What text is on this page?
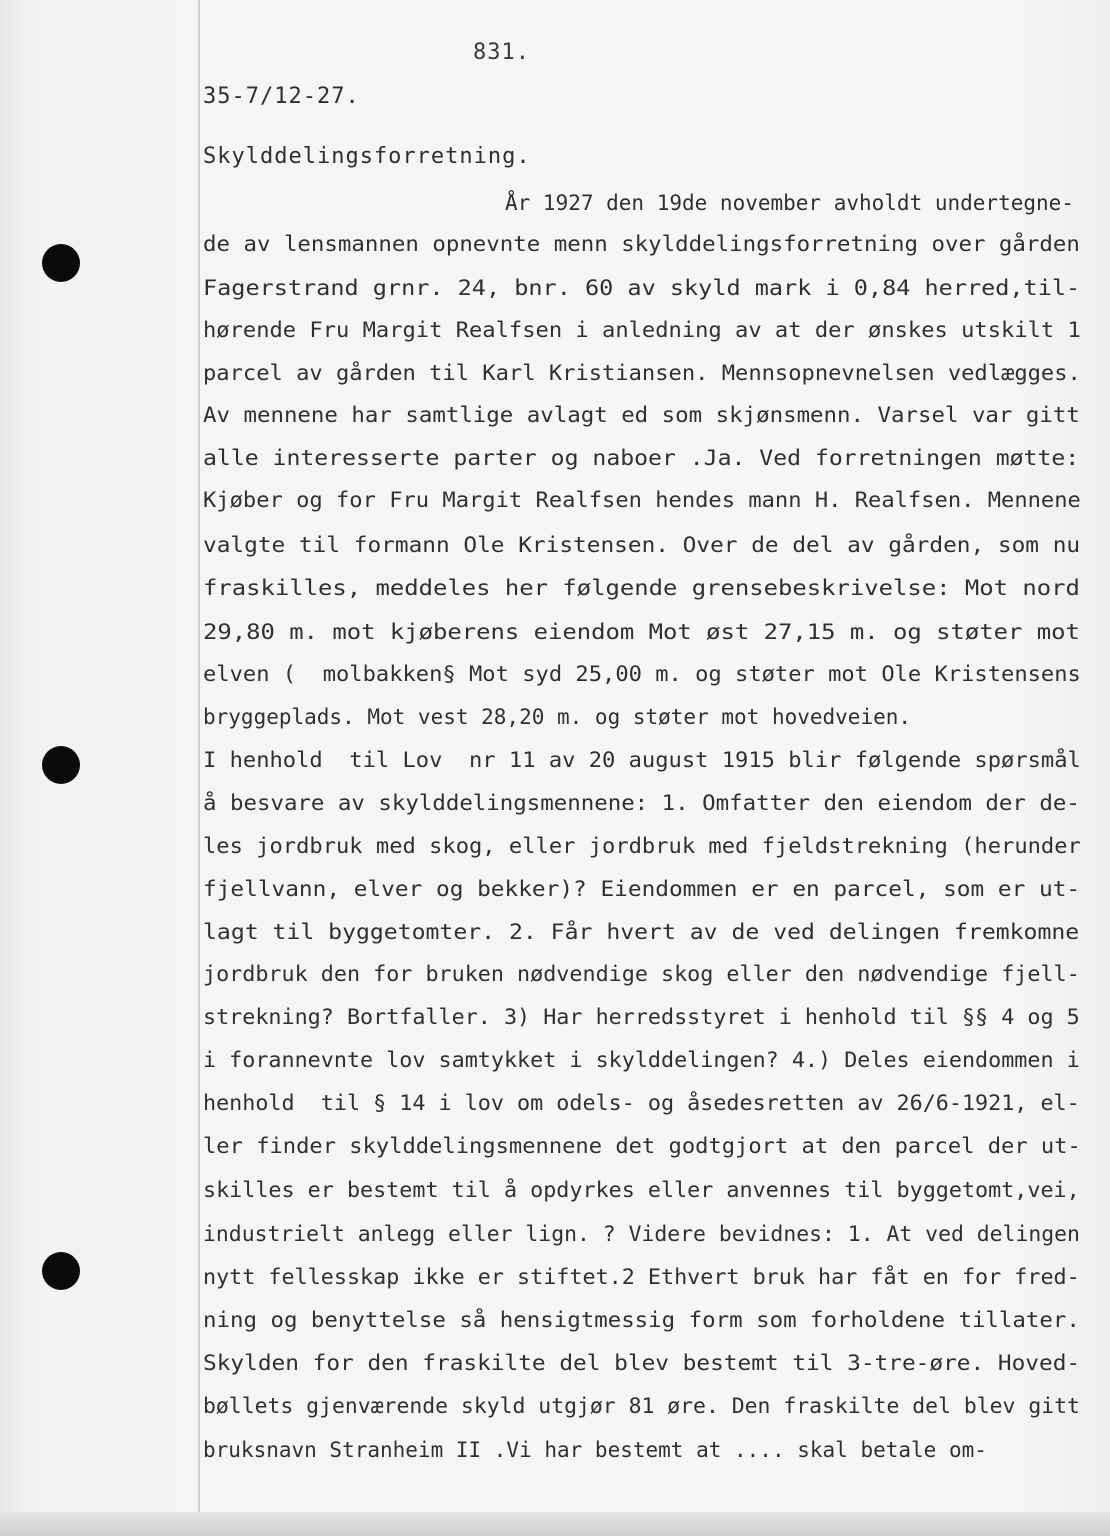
831.
35-7/12-27.
Skylddelingsforretning.
År 1927 den 19de november avholdt undertegne-
de av lensmannen opnevnte menn skylddelingsforretning over gården
Fagerstrand grnr. 24, bnr. 60 av skyld mark i 0,84 herred,til-
hørende Fru Margit Realfsen i anledning av at der ønskes utskilt 1
parcel av gården til Karl Kristiansen. Mennsopnevnelsen vedlægges.
Av mennene har samtlige avlagt ed som skjønsmenn. Varsel var gitt
alle interesserte parter og naboer .Ja. Ved forretningen møtte:
Kjøber og for Fru Margit Realfsen hendes mann H. Realfsen. Mennene
valgte til formann Ole Kristensen. Over de del av gården, som nu
fraskilles, meddeles her følgende grensebeskrivelse: Mot nord
29,80 m. mot kjøberens eiendom Mot øst 27,15 m. og støter mot
elven (  molbakken§ Mot syd 25,00 m. og støter mot Ole Kristensens
bryggeplads. Mot vest 28,20 m. og støter mot hovedveien.
I henhold  til Lov  nr 11 av 20 august 1915 blir følgende spørsmål
å besvare av skylddelingsmennene: 1. Omfatter den eiendom der de-
les jordbruk med skog, eller jordbruk med fjeldstrekning (herunder
fjellvann, elver og bekker)? Eiendommen er en parcel, som er ut-
lagt til byggetomter. 2. Får hvert av de ved delingen fremkomne
jordbruk den for bruken nødvendige skog eller den nødvendige fjell-
strekning? Bortfaller. 3) Har herredsstyret i henhold til §§ 4 og 5
i forannevnte lov samtykket i skylddelingen? 4.) Deles eiendommen i
henhold  til § 14 i lov om odels- og åsedesretten av 26/6-1921, el-
ler finder skylddelingsmennene det godtgjort at den parcel der ut-
skilles er bestemt til å opdyrkes eller anvennes til byggetomt,vei,
industrielt anlegg eller lign. ? Videre bevidnes: 1. At ved delingen
nytt fellesskap ikke er stiftet.2 Ethvert bruk har fåt en for fred-
ning og benyttelse så hensigtmessig form som forholdene tillater.
Skylden for den fraskilte del blev bestemt til 3-tre-øre. Hoved-
bøllets gjenværende skyld utgjør 81 øre. Den fraskilte del blev gitt
bruksnavn Stranheim II .Vi har bestemt at .... skal betale om-
